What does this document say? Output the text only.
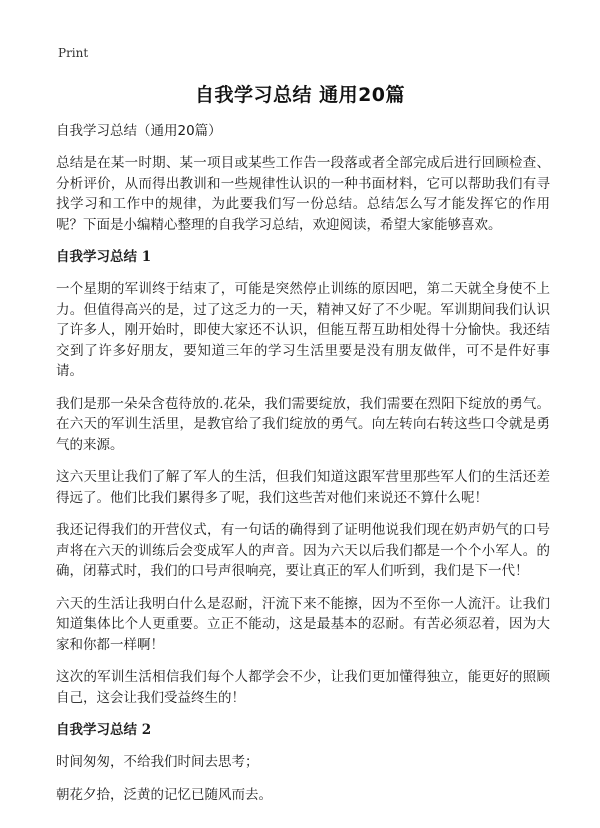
Print
自我学习总结 通用20篇

自我学习总结（通用20篇）

总结是在某一时期、某一项目或某些工作告一段落或者全部完成后进行回顾检查、分析评价，从而得出教训和一些规律性认识的一种书面材料，它可以帮助我们有寻找学习和工作中的规律，为此要我们写一份总结。总结怎么写才能发挥它的作用呢？下面是小编精心整理的自我学习总结，欢迎阅读，希望大家能够喜欢。

自我学习总结 1

一个星期的军训终于结束了，可能是突然停止训练的原因吧，第二天就全身使不上力。但值得高兴的是，过了这乏力的一天，精神又好了不少呢。军训期间我们认识了许多人，刚开始时，即使大家还不认识，但能互帮互助相处得十分愉快。我还结交到了许多好朋友，要知道三年的学习生活里要是没有朋友做伴，可不是件好事请。

我们是那一朵朵含苞待放的.花朵，我们需要绽放，我们需要在烈阳下绽放的勇气。在六天的军训生活里，是教官给了我们绽放的勇气。向左转向右转这些口令就是勇气的来源。

这六天里让我们了解了军人的生活，但我们知道这跟军营里那些军人们的生活还差得远了。他们比我们累得多了呢，我们这些苦对他们来说还不算什么呢！

我还记得我们的开营仪式，有一句话的确得到了证明他说我们现在奶声奶气的口号声将在六天的训练后会变成军人的声音。因为六天以后我们都是一个个小军人。的确，闭幕式时，我们的口号声很响亮，要让真正的军人们听到，我们是下一代！

六天的生活让我明白什么是忍耐，汗流下来不能擦，因为不至你一人流汗。让我们知道集体比个人更重要。立正不能动，这是最基本的忍耐。有苦必须忍着，因为大家和你都一样啊！

这次的军训生活相信我们每个人都学会不少，让我们更加懂得独立，能更好的照顾自己，这会让我们受益终生的！

自我学习总结 2

时间匆匆，不给我们时间去思考；

朝花夕拾，泛黄的记忆已随风而去。
